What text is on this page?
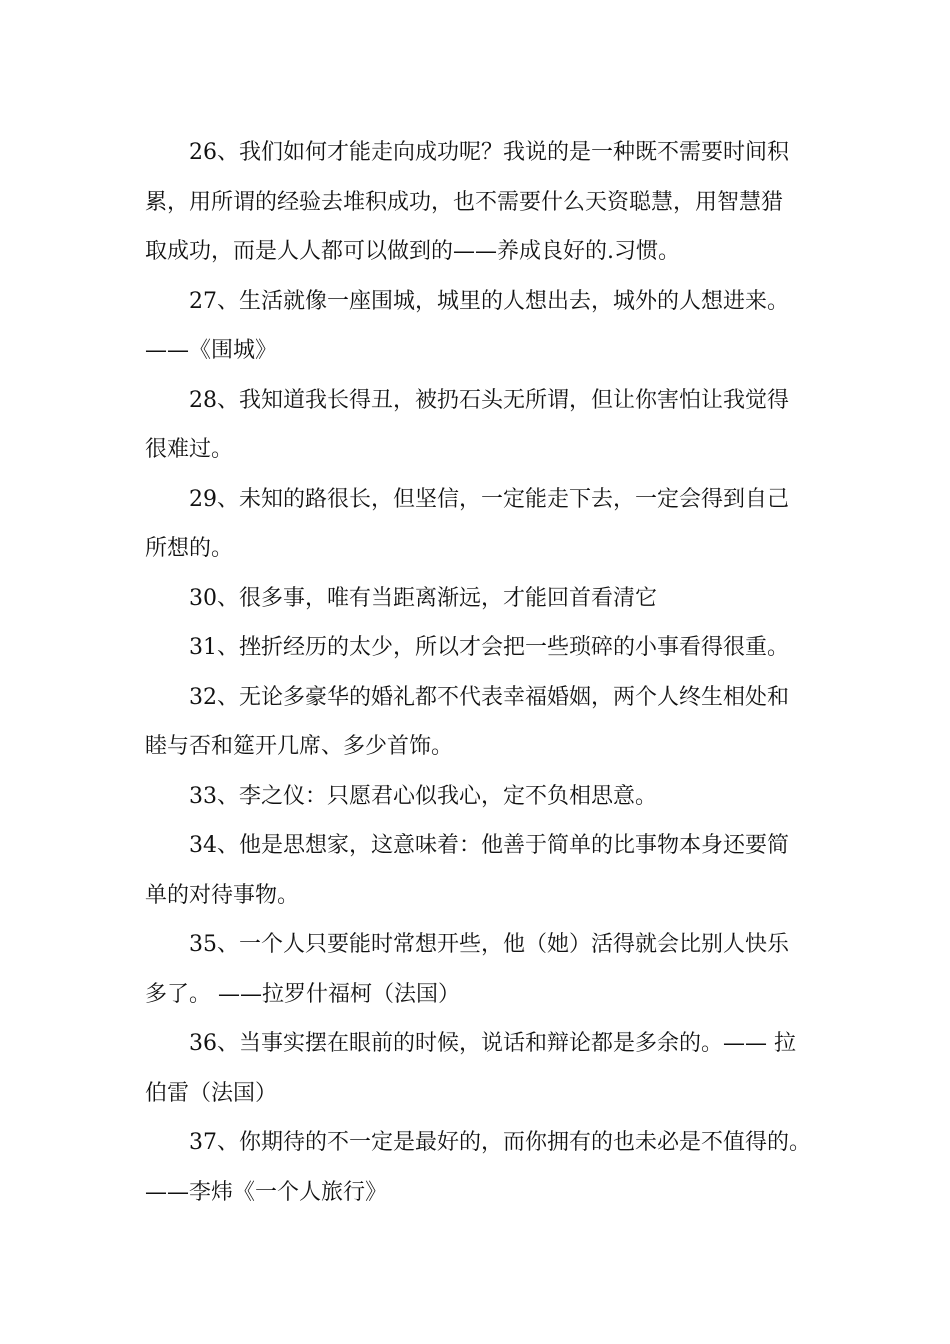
26、我们如何才能走向成功呢？我说的是一种既不需要时间积
累，用所谓的经验去堆积成功，也不需要什么天资聪慧，用智慧猎
取成功，而是人人都可以做到的——养成良好的.习惯。
27、生活就像一座围城，城里的人想出去，城外的人想进来。
——《围城》
28、我知道我长得丑，被扔石头无所谓，但让你害怕让我觉得
很难过。
29、未知的路很长，但坚信，一定能走下去，一定会得到自己
所想的。
30、很多事，唯有当距离渐远，才能回首看清它
31、挫折经历的太少，所以才会把一些琐碎的小事看得很重。
32、无论多豪华的婚礼都不代表幸福婚姻，两个人终生相处和
睦与否和筵开几席、多少首饰。
33、李之仪：只愿君心似我心，定不负相思意。
34、他是思想家，这意味着：他善于简单的比事物本身还要简
单的对待事物。
35、一个人只要能时常想开些，他（她）活得就会比别人快乐
多了。 ——拉罗什福柯（法国）
36、当事实摆在眼前的时候，说话和辩论都是多余的。—— 拉
伯雷（法国）
37、你期待的不一定是最好的，而你拥有的也未必是不值得的。
——李炜《一个人旅行》
